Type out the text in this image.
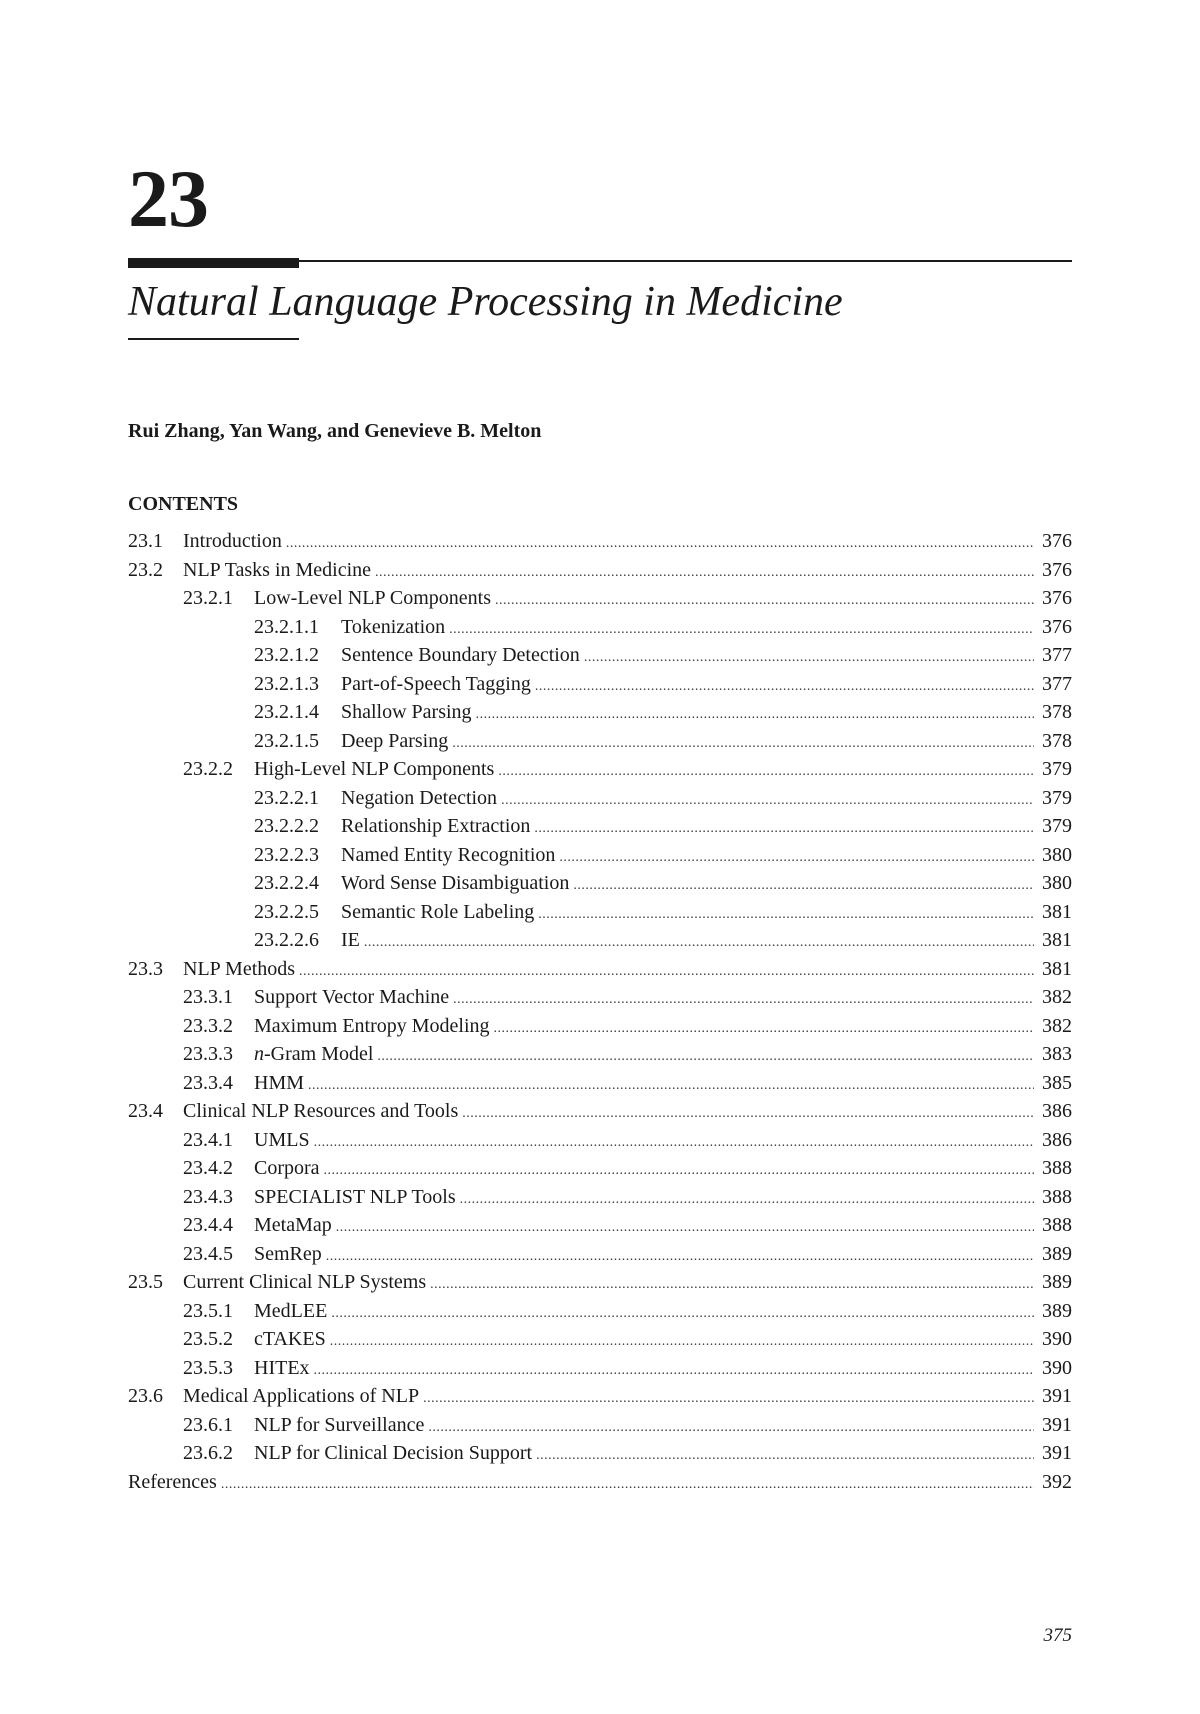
23
Natural Language Processing in Medicine
Rui Zhang, Yan Wang, and Genevieve B. Melton
CONTENTS
23.1	Introduction .....	376
23.2	NLP Tasks in Medicine .....	376
23.2.1	Low-Level NLP Components .....	376
23.2.1.1	Tokenization .....	376
23.2.1.2	Sentence Boundary Detection .....	377
23.2.1.3	Part-of-Speech Tagging .....	377
23.2.1.4	Shallow Parsing .....	378
23.2.1.5	Deep Parsing .....	378
23.2.2	High-Level NLP Components .....	379
23.2.2.1	Negation Detection .....	379
23.2.2.2	Relationship Extraction .....	379
23.2.2.3	Named Entity Recognition .....	380
23.2.2.4	Word Sense Disambiguation .....	380
23.2.2.5	Semantic Role Labeling .....	381
23.2.2.6	IE .....	381
23.3	NLP Methods .....	381
23.3.1	Support Vector Machine .....	382
23.3.2	Maximum Entropy Modeling .....	382
23.3.3	n-Gram Model .....	383
23.3.4	HMM .....	385
23.4	Clinical NLP Resources and Tools .....	386
23.4.1	UMLS .....	386
23.4.2	Corpora .....	388
23.4.3	SPECIALIST NLP Tools .....	388
23.4.4	MetaMap .....	388
23.4.5	SemRep .....	389
23.5	Current Clinical NLP Systems .....	389
23.5.1	MedLEE .....	389
23.5.2	cTAKES .....	390
23.5.3	HITEx .....	390
23.6	Medical Applications of NLP .....	391
23.6.1	NLP for Surveillance .....	391
23.6.2	NLP for Clinical Decision Support .....	391
References .....	392
375
